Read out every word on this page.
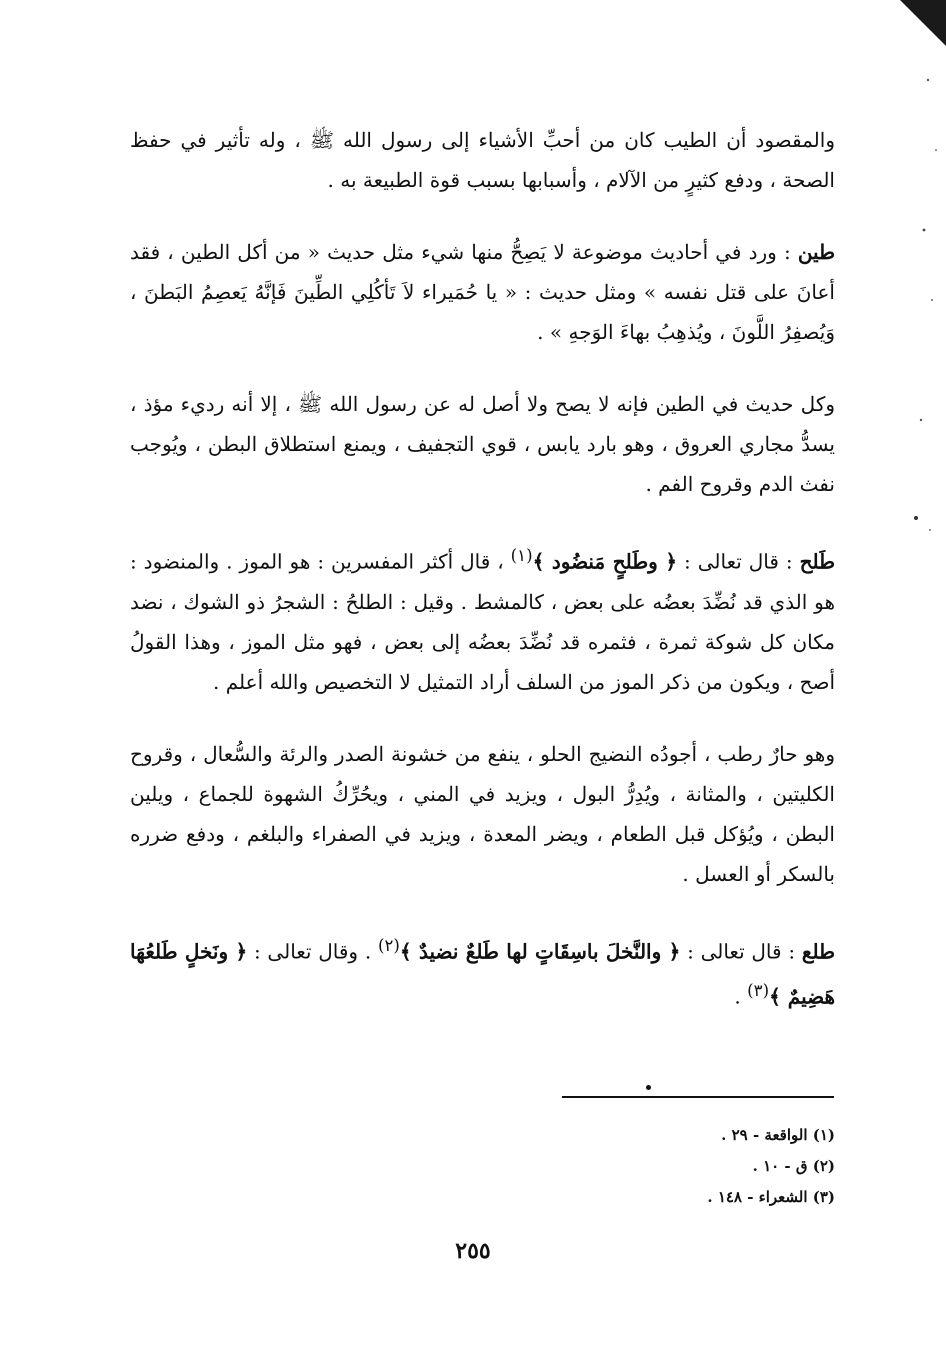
والمقصود أن الطيب كان من أحبِّ الأشياء إلى رسول الله ﷺ ، وله تأثير في حفظ الصحة ، ودفع كثيرٍ من الآلام ، وأسبابها بسبب قوة الطبيعة به .

طين : ورد في أحاديث موضوعة لا يَصِحُّ منها شيء مثل حديث « من أكل الطين ، فقد أعانَ على قتل نفسه » ومثل حديث : « يا حُمَيراء لاَ تَأكُلِي الطِّينَ فَإنَّهُ يَعصِمُ البَطنَ ، وَيُصفِرُ اللَّونَ ، ويُذهِبُ بهاءَ الوَجهِ » .

وكل حديث في الطين فإنه لا يصح ولا أصل له عن رسول الله ﷺ ، إلا أنه رديء مؤذ ، يسدُّ مجاري العروق ، وهو بارد يابس ، قوي التجفيف ، ويمنع استطلاق البطن ، ويُوجب نفث الدم وقروح الفم .

طَلح : قال تعالى : ﴿ وطَلحٍ مَنضُود ﴾$^{(١)}$ ، قال أكثر المفسرين : هو الموز . والمنضود : هو الذي قد نُضِّدَ بعضُه على بعض ، كالمشط . وقيل : الطلحُ : الشجرُ ذو الشوك ، نضد مكان كل شوكة ثمرة ، فثمره قد نُضِّدَ بعضُه إلى بعض ، فهو مثل الموز ، وهذا القولُ أصح ، ويكون من ذكر الموز من السلف أراد التمثيل لا التخصيص والله أعلم .

وهو حارٌ رطب ، أجودُه النضيج الحلو ، ينفع من خشونة الصدر والرئة والسُّعال ، وقروح الكليتين ، والمثانة ، ويُدِرُّ البول ، ويزيد في المني ، ويحُرِّكُ الشهوة للجماع ، ويلين البطن ، ويُؤكل قبل الطعام ، ويضر المعدة ، ويزيد في الصفراء والبلغم ، ودفع ضرره بالسكر أو العسل .

طلع : قال تعالى : ﴿ والنَّخلَ باسِقَاتٍ لها طَلعٌ نضيدٌ ﴾$^{(٢)}$ . وقال تعالى : ﴿ ونَخلٍ طَلعُهَا هَضِيمٌ ﴾$^{(٣)}$ .

(١) الواقعة - ٢٩ .

(٢) ق - ١٠ .

(٣) الشعراء - ١٤٨ .

٢٥٥
